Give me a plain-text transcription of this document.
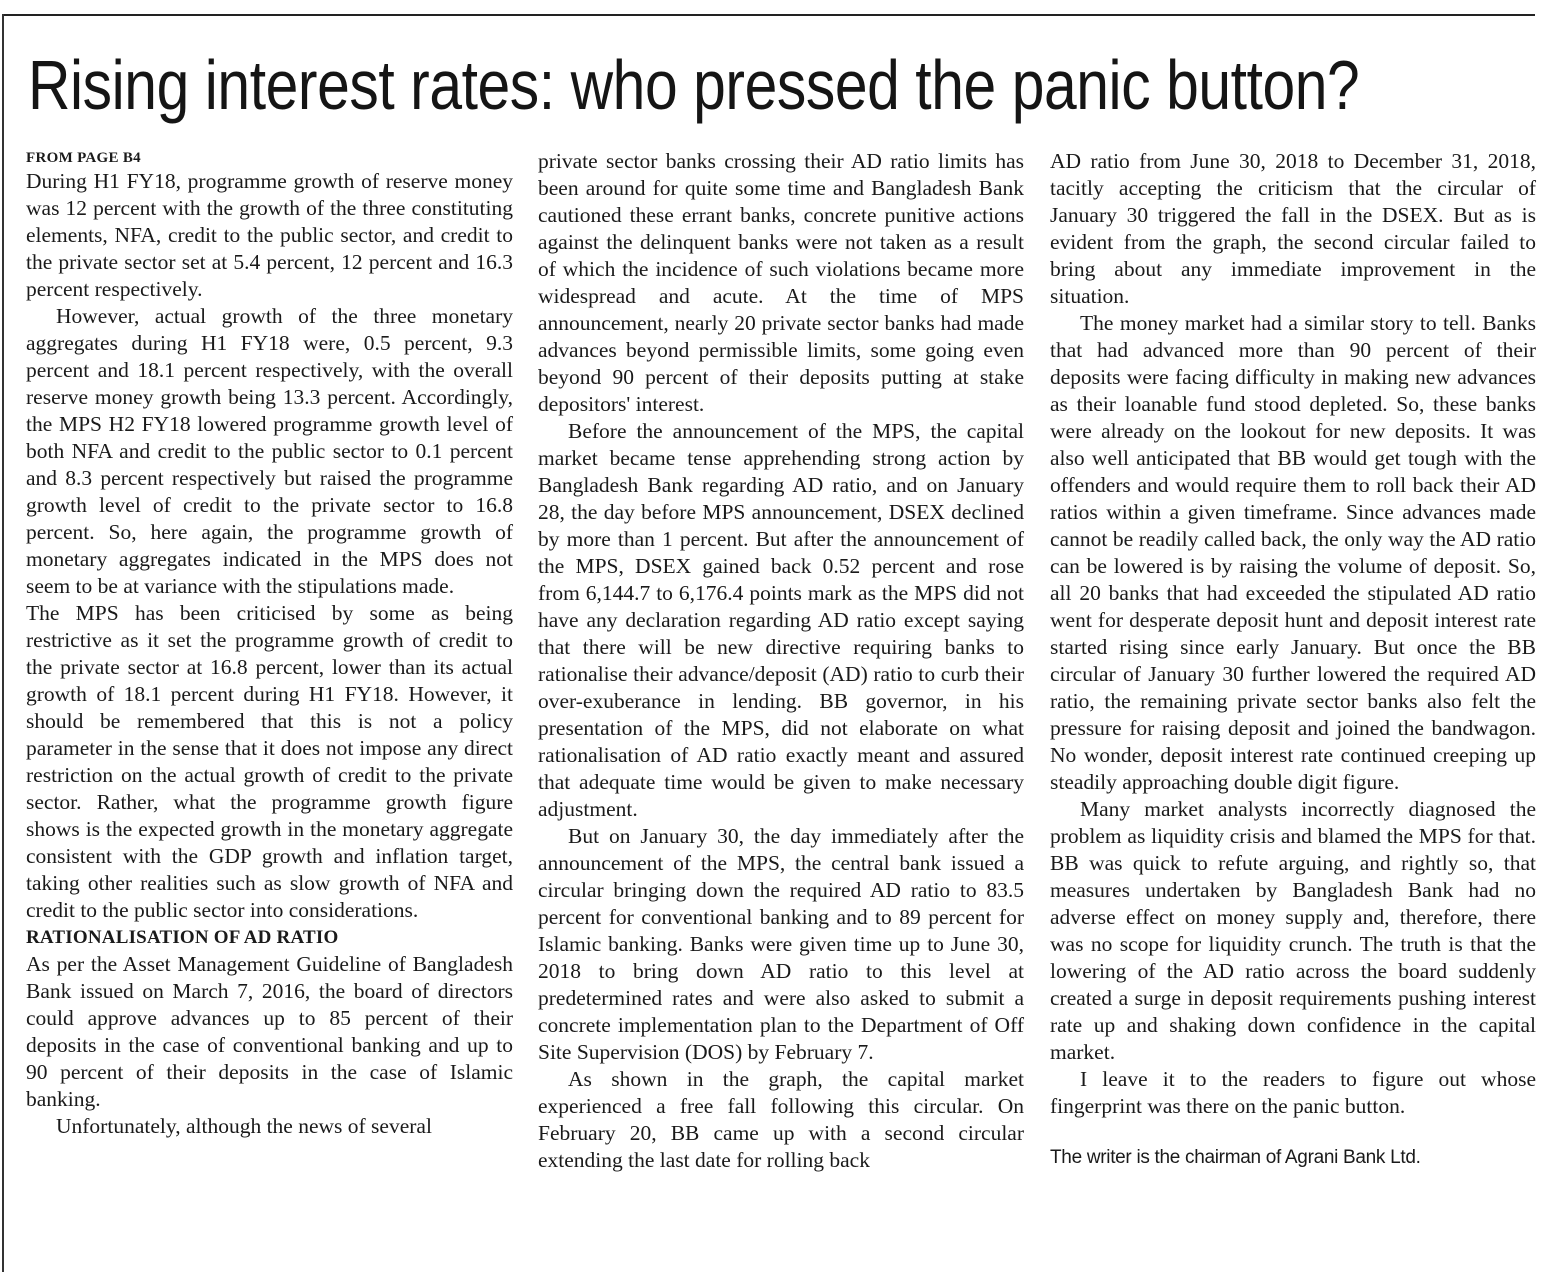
Rising interest rates: who pressed the panic button?
FROM PAGE B4

During H1 FY18, programme growth of reserve money was 12 percent with the growth of the three constituting elements, NFA, credit to the public sector, and credit to the private sector set at 5.4 percent, 12 percent and 16.3 percent respectively.

However, actual growth of the three monetary aggregates during H1 FY18 were, 0.5 percent, 9.3 percent and 18.1 percent respectively, with the overall reserve money growth being 13.3 percent. Accordingly, the MPS H2 FY18 lowered programme growth level of both NFA and credit to the public sector to 0.1 percent and 8.3 percent respectively but raised the programme growth level of credit to the private sector to 16.8 percent. So, here again, the programme growth of monetary aggregates indicated in the MPS does not seem to be at variance with the stipulations made.

The MPS has been criticised by some as being restrictive as it set the programme growth of credit to the private sector at 16.8 percent, lower than its actual growth of 18.1 percent during H1 FY18. However, it should be remembered that this is not a policy parameter in the sense that it does not impose any direct restriction on the actual growth of credit to the private sector. Rather, what the programme growth figure shows is the expected growth in the monetary aggregate consistent with the GDP growth and inflation target, taking other realities such as slow growth of NFA and credit to the public sector into considerations.

RATIONALISATION OF AD RATIO

As per the Asset Management Guideline of Bangladesh Bank issued on March 7, 2016, the board of directors could approve advances up to 85 percent of their deposits in the case of conventional banking and up to 90 percent of their deposits in the case of Islamic banking.

Unfortunately, although the news of several

private sector banks crossing their AD ratio limits has been around for quite some time and Bangladesh Bank cautioned these errant banks, concrete punitive actions against the delinquent banks were not taken as a result of which the incidence of such violations became more widespread and acute. At the time of MPS announcement, nearly 20 private sector banks had made advances beyond permissible limits, some going even beyond 90 percent of their deposits putting at stake depositors' interest.

Before the announcement of the MPS, the capital market became tense apprehending strong action by Bangladesh Bank regarding AD ratio, and on January 28, the day before MPS announcement, DSEX declined by more than 1 percent. But after the announcement of the MPS, DSEX gained back 0.52 percent and rose from 6,144.7 to 6,176.4 points mark as the MPS did not have any declaration regarding AD ratio except saying that there will be new directive requiring banks to rationalise their advance/deposit (AD) ratio to curb their over-exuberance in lending. BB governor, in his presentation of the MPS, did not elaborate on what rationalisation of AD ratio exactly meant and assured that adequate time would be given to make necessary adjustment.

But on January 30, the day immediately after the announcement of the MPS, the central bank issued a circular bringing down the required AD ratio to 83.5 percent for conventional banking and to 89 percent for Islamic banking. Banks were given time up to June 30, 2018 to bring down AD ratio to this level at predetermined rates and were also asked to submit a concrete implementation plan to the Department of Off Site Supervision (DOS) by February 7.

As shown in the graph, the capital market experienced a free fall following this circular. On February 20, BB came up with a second circular extending the last date for rolling back

AD ratio from June 30, 2018 to December 31, 2018, tacitly accepting the criticism that the circular of January 30 triggered the fall in the DSEX. But as is evident from the graph, the second circular failed to bring about any immediate improvement in the situation.

The money market had a similar story to tell. Banks that had advanced more than 90 percent of their deposits were facing difficulty in making new advances as their loanable fund stood depleted. So, these banks were already on the lookout for new deposits. It was also well anticipated that BB would get tough with the offenders and would require them to roll back their AD ratios within a given timeframe. Since advances made cannot be readily called back, the only way the AD ratio can be lowered is by raising the volume of deposit. So, all 20 banks that had exceeded the stipulated AD ratio went for desperate deposit hunt and deposit interest rate started rising since early January. But once the BB circular of January 30 further lowered the required AD ratio, the remaining private sector banks also felt the pressure for raising deposit and joined the bandwagon. No wonder, deposit interest rate continued creeping up steadily approaching double digit figure.

Many market analysts incorrectly diagnosed the problem as liquidity crisis and blamed the MPS for that. BB was quick to refute arguing, and rightly so, that measures undertaken by Bangladesh Bank had no adverse effect on money supply and, therefore, there was no scope for liquidity crunch. The truth is that the lowering of the AD ratio across the board suddenly created a surge in deposit requirements pushing interest rate up and shaking down confidence in the capital market.

I leave it to the readers to figure out whose fingerprint was there on the panic button.

The writer is the chairman of Agrani Bank Ltd.
